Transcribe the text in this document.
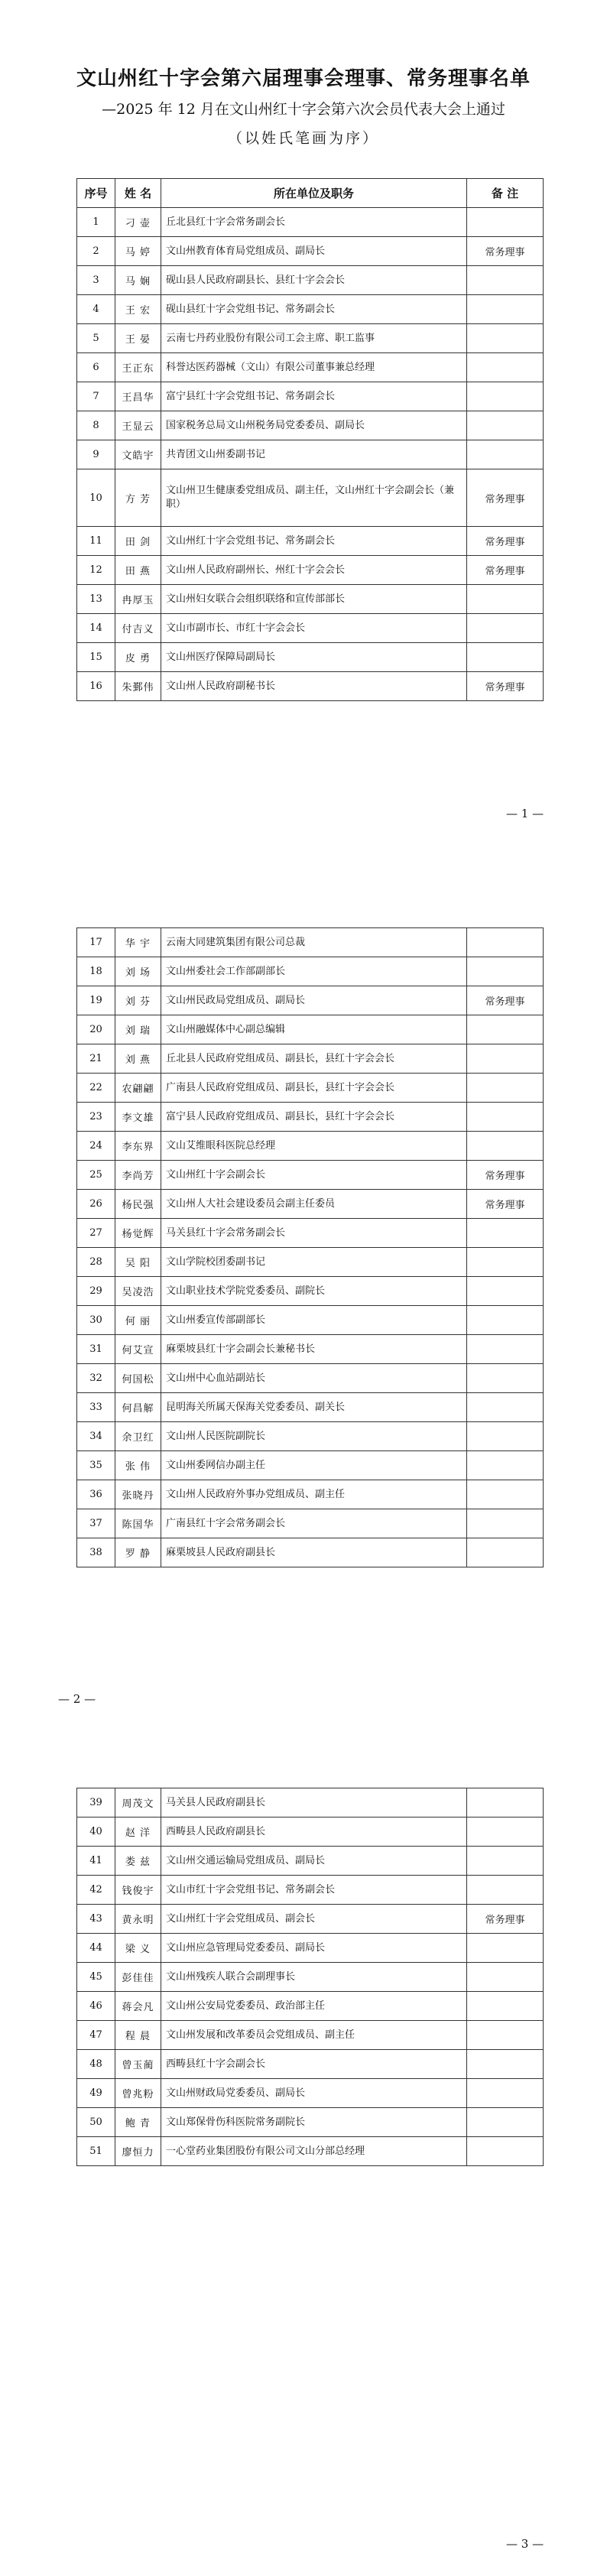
文山州红十字会第六届理事会理事、常务理事名单
—2025 年 12 月在文山州红十字会第六次会员代表大会上通过
（以姓氏笔画为序）
序号	姓 名	所在单位及职务	备 注
1	刁 壶	丘北县红十字会常务副会长	
2	马 婷	文山州教育体育局党组成员、副局长	常务理事
3	马 娴	砚山县人民政府副县长、县红十字会会长	
4	王 宏	砚山县红十字会党组书记、常务副会长	
5	王 晏	云南七丹药业股份有限公司工会主席、职工监事	
6	王正东	科誉达医药器械（文山）有限公司董事兼总经理	
7	王昌华	富宁县红十字会党组书记、常务副会长	
8	王显云	国家税务总局文山州税务局党委委员、副局长	
9	文皓宇	共青团文山州委副书记	
10	方 芳	文山州卫生健康委党组成员、副主任，文山州红十字会副会长（兼职）	常务理事
11	田 剑	文山州红十字会党组书记、常务副会长	常务理事
12	田 燕	文山州人民政府副州长、州红十字会会长	常务理事
13	冉厚玉	文山州妇女联合会组织联络和宣传部部长	
14	付吉义	文山市副市长、市红十字会会长	
15	皮 勇	文山州医疗保障局副局长	
16	朱鄞伟	文山州人民政府副秘书长	常务理事
— 1 —
17	华 宇	云南大同建筑集团有限公司总裁	
18	刘 场	文山州委社会工作部副部长	
19	刘 芬	文山州民政局党组成员、副局长	常务理事
20	刘 瑞	文山州融媒体中心副总编辑	
21	刘 燕	丘北县人民政府党组成员、副县长，县红十字会会长	
22	农翩翩	广南县人民政府党组成员、副县长，县红十字会会长	
23	李文雄	富宁县人民政府党组成员、副县长，县红十字会会长	
24	李东界	文山艾维眼科医院总经理	
25	李尚芳	文山州红十字会副会长	常务理事
26	杨民强	文山州人大社会建设委员会副主任委员	常务理事
27	杨觉辉	马关县红十字会常务副会长	
28	吴 阳	文山学院校团委副书记	
29	吴凌浩	文山职业技术学院党委委员、副院长	
30	何 丽	文山州委宣传部副部长	
31	何艾宣	麻栗坡县红十字会副会长兼秘书长	
32	何国松	文山州中心血站副站长	
33	何昌解	昆明海关所属天保海关党委委员、副关长	
34	余卫红	文山州人民医院副院长	
35	张 伟	文山州委网信办副主任	
36	张晓丹	文山州人民政府外事办党组成员、副主任	
37	陈国华	广南县红十字会常务副会长	
38	罗 静	麻栗坡县人民政府副县长	
— 2 —
39	周茂文	马关县人民政府副县长	
40	赵 洋	西畴县人民政府副县长	
41	娄 兹	文山州交通运输局党组成员、副局长	
42	钱俊宇	文山市红十字会党组书记、常务副会长	
43	黄永明	文山州红十字会党组成员、副会长	常务理事
44	梁 义	文山州应急管理局党委委员、副局长	
45	彭佳佳	文山州残疾人联合会副理事长	
46	蒋会凡	文山州公安局党委委员、政治部主任	
47	程 晨	文山州发展和改革委员会党组成员、副主任	
48	曾玉蔺	西畴县红十字会副会长	
49	曾兆粉	文山州财政局党委委员、副局长	
50	鲍 青	文山郑保骨伤科医院常务副院长	
51	廖恒力	一心堂药业集团股份有限公司文山分部总经理	
— 3 —
